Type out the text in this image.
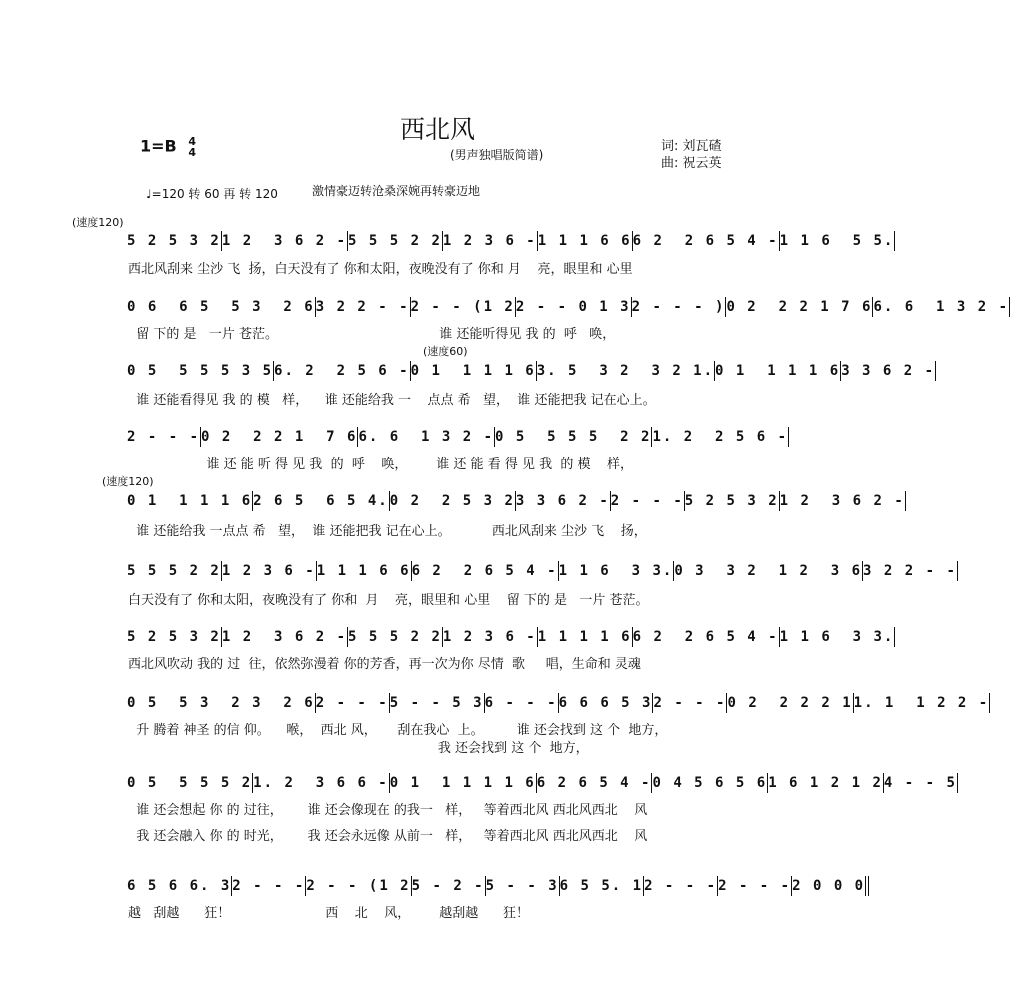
西北风
(男声独唱版简谱)
1=B 4
4	词: 刘瓦碴
曲: 祝云英
♩=120 转 60 再 转 120	激情豪迈转沧桑深婉再转豪迈地
(速度120)
(速度60)
(速度120)
5 2 5 3 2 1 2  3 6 2 - 5 5 5 2 2 1 2 3 6 - 1 1 1 6 6 6 2  2 6 5 4 - 1 1 6  5 5.
西北风刮来 尘沙 飞  扬，白天没有了 你和太阳，夜晚没有了 你和 月    亮，眼里和 心里
0 6  6 5  5 3  2 6 3 2 2 - - 2 - - (1 2 2 - - 0 1 3 2 - - - ) 0 2  2 2 1 7 6 6. 6  1 3 2 -
留 下的 是   一片 苍茫。                                       谁 还能听得见 我 的  呼   唤，
0 5  5 5 5 3 5 6. 2  2 5 6 - 0 1  1 1 1 6 3. 5  3 2  3 2 1. 0 1  1 1 1 6 3 3 6 2 -
谁 还能看得见 我 的 模   样，    谁 还能给我 一    点点 希   望，  谁 还能把我 记在心上。
2 - - - 0 2  2 2 1  7 6 6. 6  1 3 2 - 0 5  5 5 5  2 2 1. 2  2 5 6 -
谁 还 能 听 得 见 我  的  呼    唤，       谁 还 能 看 得 见 我  的 模    样，
0 1  1 1 1 6 2 6 5  6 5 4. 0 2  2 5 3 2 3 3 6 2 - 2 - - - 5 2 5 3 2 1 2  3 6 2 -
谁 还能给我 一点点 希   望，  谁 还能把我 记在心上。          西北风刮来 尘沙 飞    扬，
5 5 5 2 2 1 2 3 6 - 1 1 1 6 6 6 2  2 6 5 4 - 1 1 6  3 3. 0 3  3 2  1 2  3 6 3 2 2 - -
白天没有了 你和太阳，夜晚没有了 你和  月    亮，眼里和 心里    留 下的 是   一片 苍茫。
5 2 5 3 2 1 2  3 6 2 - 5 5 5 2 2 1 2 3 6 - 1 1 1 1 6 6 2  2 6 5 4 - 1 1 6  3 3.
西北风吹动 我的 过  往，依然弥漫着 你的芳香，再一次为你 尽情  歌     唱，生命和 灵魂
0 5  5 3  2 3  2 6 2 - - - 5 - - 5 3 6 - - - 6 6 6 5 3 2 - - - 0 2  2 2 2 1 1. 1  1 2 2 -
升 腾着 神圣 的信 仰。    喉，  西北 风，     刮在我心  上。        谁 还会找到 这 个  地方，
我 还会找到 这 个  地方，
0 5  5 5 5 2 1. 2  3 6 6 - 0 1  1 1 1 1 6 6 2 6 5 4 - 0 4 5 6 5 6 1 6 1 2 1 2 4 - - 5
谁 还会想起 你 的 过往，      谁 还会像现在 的我一   样，   等着西北风 西北风西北    风
我 还会融入 你 的 时光，      我 还会永远像 从前一   样，   等着西北风 西北风西北    风
6 5 6 6. 3 2 - - - 2 - - (1 2 5 - 2 - 5 - - 3 6 5 5. 1 2 - - - 2 - - - 2 0 0 0
越   刮越      狂！                       西    北    风，       越刮越      狂！
